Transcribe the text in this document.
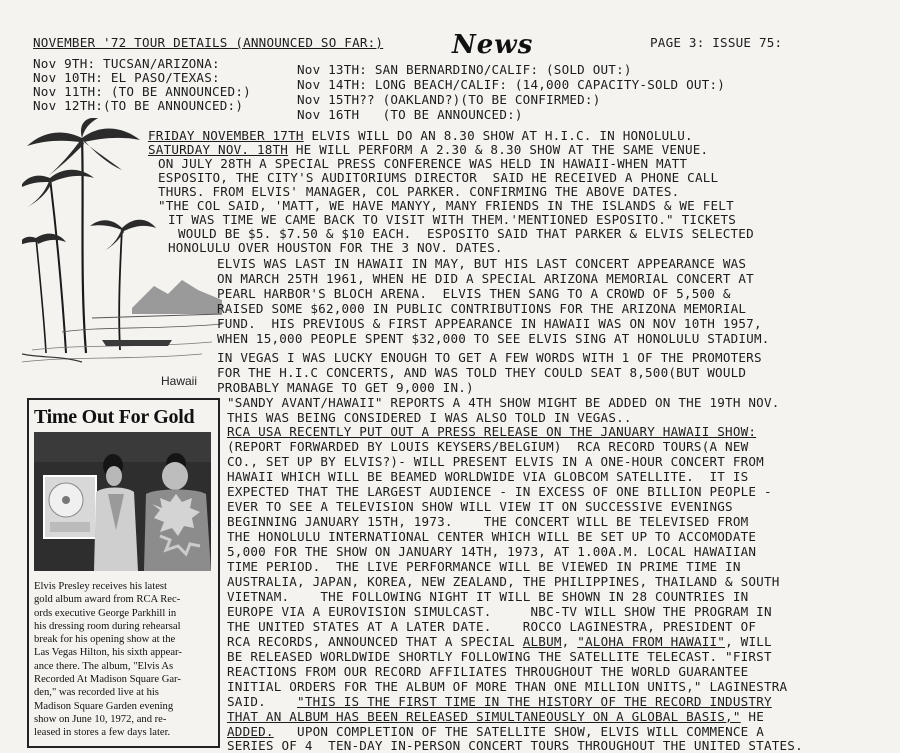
NOVEMBER '72 TOUR DETAILS (ANNOUNCED SO FAR:)	News	PAGE 3: ISSUE 75:
Nov 9TH: TUCSAN/ARIZONA:
Nov 10TH: EL PASO/TEXAS:
Nov 11TH: (TO BE ANNOUNCED:)
Nov 12TH:(TO BE ANNOUNCED:)
Nov 13TH: SAN BERNARDINO/CALIF: (SOLD OUT:)
Nov 14TH: LONG BEACH/CALIF: (14,000 CAPACITY-SOLD OUT:)
Nov 15TH?? (OAKLAND?)(TO BE CONFIRMED:)
Nov 16TH   (TO BE ANNOUNCED:)
Hawaii
FRIDAY NOVEMBER 17TH ELVIS WILL DO AN 8.30 SHOW AT H.I.C. IN HONOLULU.
SATURDAY NOV. 18TH HE WILL PERFORM A 2.30 & 8.30 SHOW AT THE SAME VENUE.
ON JULY 28TH A SPECIAL PRESS CONFERENCE WAS HELD IN HAWAII-WHEN MATT
ESPOSITO, THE CITY'S AUDITORIUMS DIRECTOR  SAID HE RECEIVED A PHONE CALL
THURS. FROM ELVIS' MANAGER, COL PARKER. CONFIRMING THE ABOVE DATES.
"THE COL SAID, 'MATT, WE HAVE MANYY, MANY FRIENDS IN THE ISLANDS & WE FELT
IT WAS TIME WE CAME BACK TO VISIT WITH THEM.'MENTIONED ESPOSITO." TICKETS
WOULD BE $5. $7.50 & $10 EACH.  ESPOSITO SAID THAT PARKER & ELVIS SELECTED
HONOLULU OVER HOUSTON FOR THE 3 NOV. DATES.
ELVIS WAS LAST IN HAWAII IN MAY, BUT HIS LAST CONCERT APPEARANCE WAS
ON MARCH 25TH 1961, WHEN HE DID A SPECIAL ARIZONA MEMORIAL CONCERT AT
PEARL HARBOR'S BLOCH ARENA.  ELVIS THEN SANG TO A CROWD OF 5,500 &
RAISED SOME $62,000 IN PUBLIC CONTRIBUTIONS FOR THE ARIZONA MEMORIAL
FUND.  HIS PREVIOUS & FIRST APPEARANCE IN HAWAII WAS ON NOV 10TH 1957,
WHEN 15,000 PEOPLE SPENT $32,000 TO SEE ELVIS SING AT HONOLULU STADIUM.
IN VEGAS I WAS LUCKY ENOUGH TO GET A FEW WORDS WITH 1 OF THE PROMOTERS
FOR THE H.I.C CONCERTS, AND WAS TOLD THEY COULD SEAT 8,500(BUT WOULD
PROBABLY MANAGE TO GET 9,000 IN.)
"SANDY AVANT/HAWAII" REPORTS A 4TH SHOW MIGHT BE ADDED ON THE 19TH NOV.
THIS WAS BEING CONSIDERED I WAS ALSO TOLD IN VEGAS..
RCA USA RECENTLY PUT OUT A PRESS RELEASE ON THE JANUARY HAWAII SHOW:
(REPORT FORWARDED BY LOUIS KEYSERS/BELGIUM)  RCA RECORD TOURS(A NEW
CO., SET UP BY ELVIS?)- WILL PRESENT ELVIS IN A ONE-HOUR CONCERT FROM
HAWAII WHICH WILL BE BEAMED WORLDWIDE VIA GLOBCOM SATELLITE.  IT IS
EXPECTED THAT THE LARGEST AUDIENCE - IN EXCESS OF ONE BILLION PEOPLE -
EVER TO SEE A TELEVISION SHOW WILL VIEW IT ON SUCCESSIVE EVENINGS
BEGINNING JANUARY 15TH, 1973.    THE CONCERT WILL BE TELEVISED FROM
THE HONOLULU INTERNATIONAL CENTER WHICH WILL BE SET UP TO ACCOMODATE
5,000 FOR THE SHOW ON JANUARY 14TH, 1973, AT 1.00A.M. LOCAL HAWAIIAN
TIME PERIOD.  THE LIVE PERFORMANCE WILL BE VIEWED IN PRIME TIME IN
AUSTRALIA, JAPAN, KOREA, NEW ZEALAND, THE PHILIPPINES, THAILAND & SOUTH
VIETNAM.    THE FOLLOWING NIGHT IT WILL BE SHOWN IN 28 COUNTRIES IN
EUROPE VIA A EUROVISION SIMULCAST.     NBC-TV WILL SHOW THE PROGRAM IN
THE UNITED STATES AT A LATER DATE.    ROCCO LAGINESTRA, PRESIDENT OF
RCA RECORDS, ANNOUNCED THAT A SPECIAL ALBUM, "ALOHA FROM HAWAII", WILL
BE RELEASED WORLDWIDE SHORTLY FOLLOWING THE SATELLITE TELECAST. "FIRST
REACTIONS FROM OUR RECORD AFFILIATES THROUGHOUT THE WORLD GUARANTEE
INITIAL ORDERS FOR THE ALBUM OF MORE THAN ONE MILLION UNITS," LAGINESTRA
SAID.    "THIS IS THE FIRST TIME IN THE HISTORY OF THE RECORD INDUSTRY
THAT AN ALBUM HAS BEEN RELEASED SIMULTANEOUSLY ON A GLOBAL BASIS," HE
ADDED.   UPON COMPLETION OF THE SATELLITE SHOW, ELVIS WILL COMMENCE A
SERIES OF 4  TEN-DAY IN-PERSON CONCERT TOURS THROUGHOUT THE UNITED STATES.
Time Out For Gold
Elvis Presley receives his latest
gold album award from RCA Rec-
ords executive George Parkhill in
his dressing room during rehearsal
break for his opening show at the
Las Vegas Hilton, his sixth appear-
ance there. The album, "Elvis As
Recorded At Madison Square Gar-
den," was recorded live at his
Madison Square Garden evening
show on June 10, 1972, and re-
leased in stores a few days later.
